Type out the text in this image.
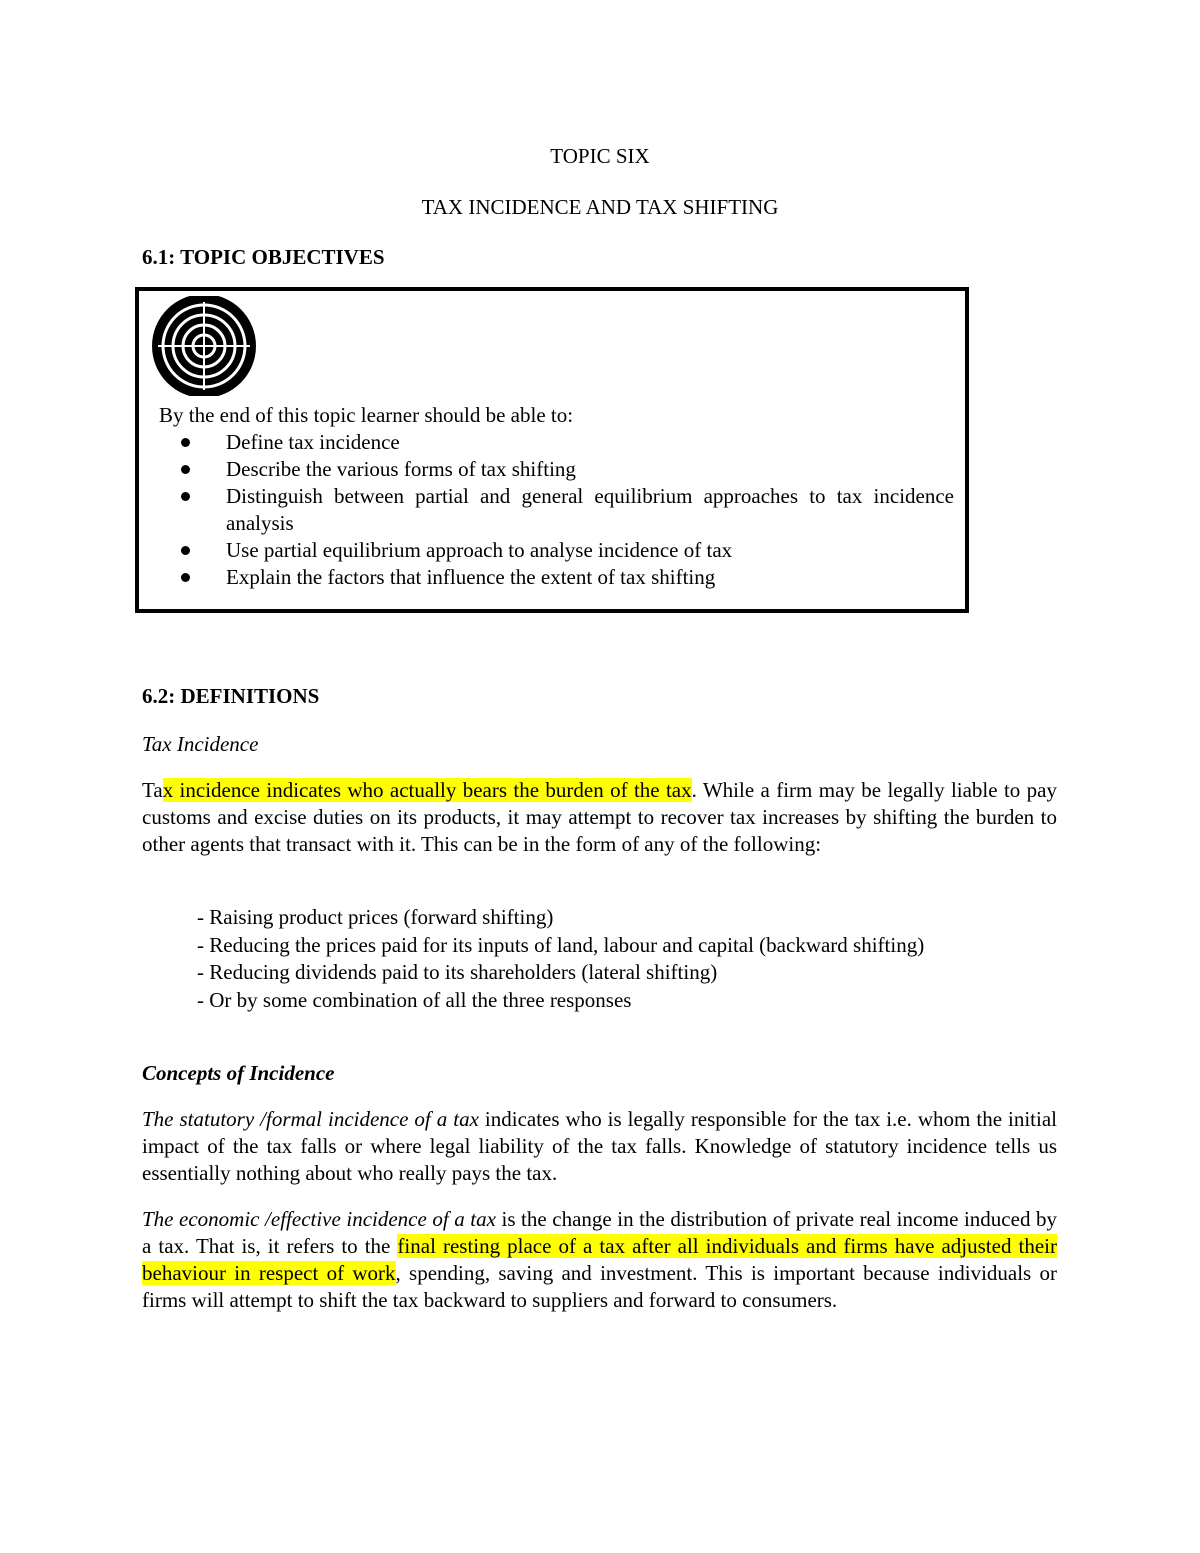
TOPIC SIX
TAX INCIDENCE AND TAX SHIFTING
6.1: TOPIC OBJECTIVES
By the end of this topic learner should be able to:
Define tax incidence
Describe the various forms of tax shifting
Distinguish between partial and general equilibrium approaches to tax incidence analysis
Use partial equilibrium approach to analyse incidence of tax
Explain the factors that influence the extent of tax shifting
6.2: DEFINITIONS
Tax Incidence
Tax incidence indicates who actually bears the burden of the tax. While a firm may be legally liable to pay customs and excise duties on its products, it may attempt to recover tax increases by shifting the burden to other agents that transact with it. This can be in the form of any of the following:
- Raising product prices (forward shifting)
- Reducing the prices paid for its inputs of land, labour and capital (backward shifting)
- Reducing dividends paid to its shareholders (lateral shifting)
- Or by some combination of all the three responses
Concepts of Incidence
The statutory /formal incidence of a tax indicates who is legally responsible for the tax i.e. whom the initial impact of the tax falls or where legal liability of the tax falls. Knowledge of statutory incidence tells us essentially nothing about who really pays the tax.
The economic /effective incidence of a tax is the change in the distribution of private real income induced by a tax. That is, it refers to the final resting place of a tax after all individuals and firms have adjusted their behaviour in respect of work, spending, saving and investment. This is important because individuals or firms will attempt to shift the tax backward to suppliers and forward to consumers.
